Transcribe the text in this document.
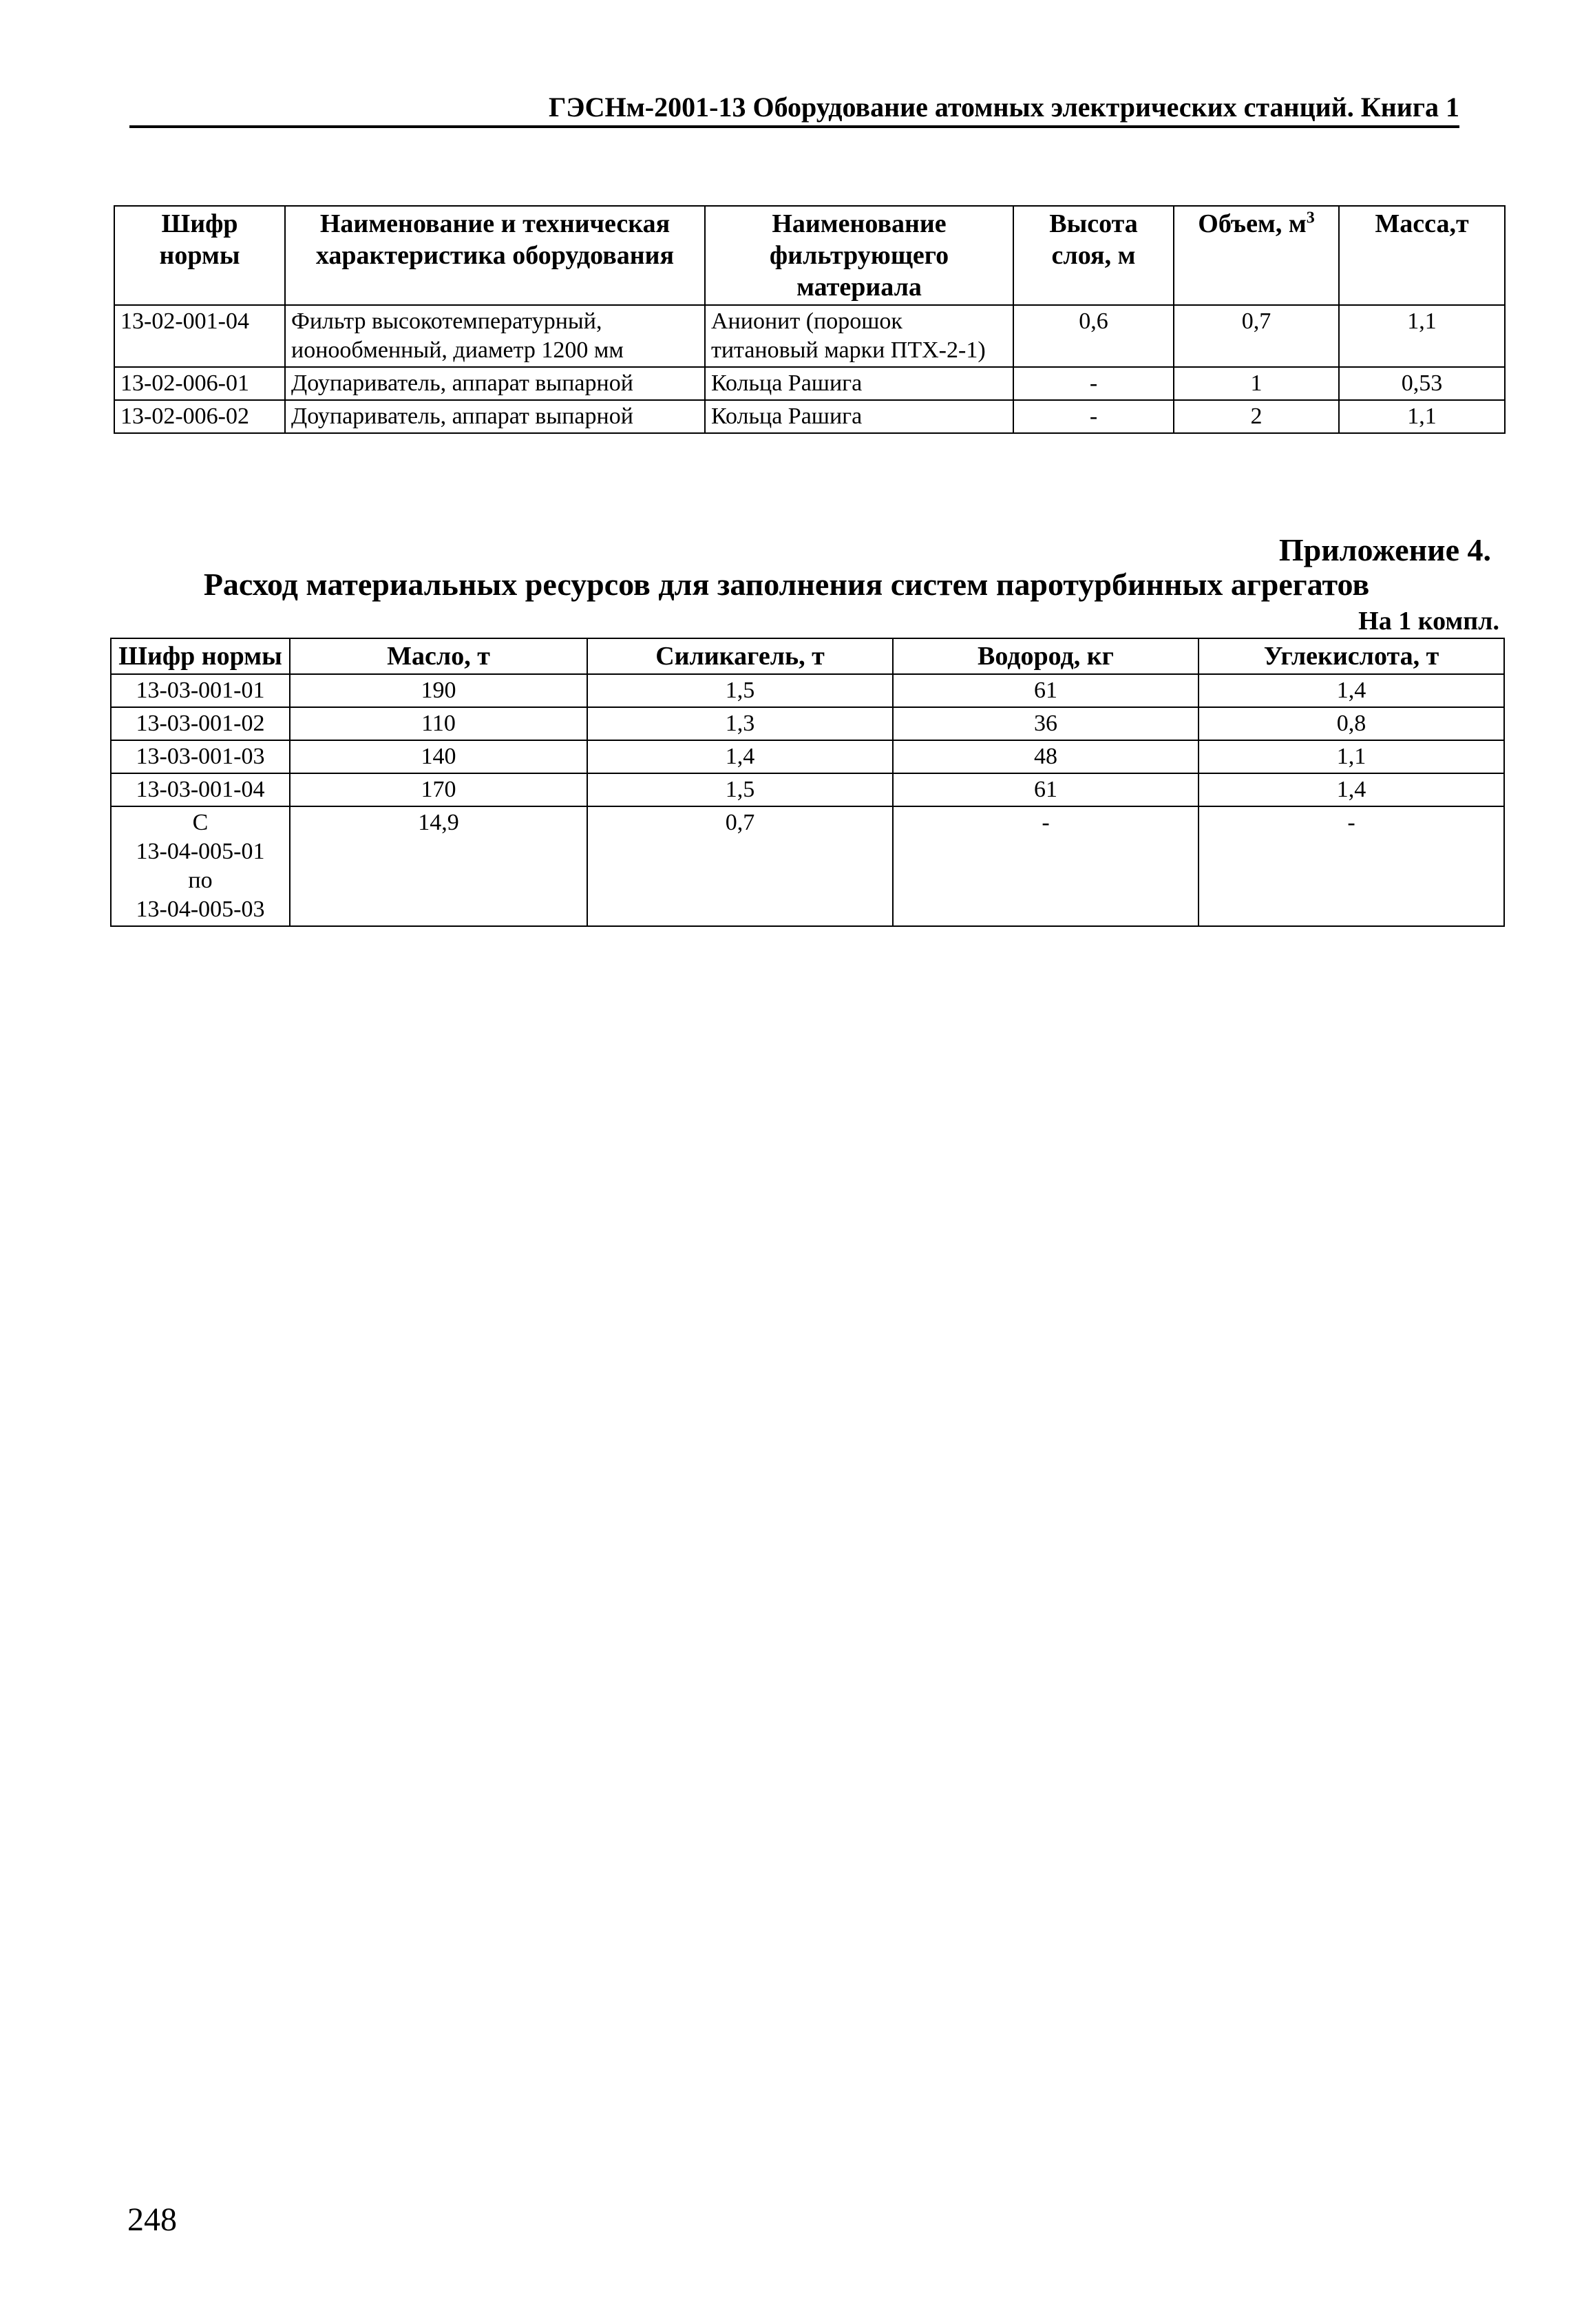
ГЭСНм-2001-13 Оборудование атомных электрических станций. Книга 1
Шифр нормы	Наименование и техническая характеристика оборудования	Наименование фильтрующего материала	Высота слоя, м	Объем, $м^3$	Масса,т
13-02-001-04	Фильтр высокотемпературный, ионообменный, диаметр 1200 мм	Анионит (порошок титановый марки ПТХ-2-1)	0,6	0,7	1,1
13-02-006-01	Доупариватель, аппарат выпарной	Кольца Рашига	-	1	0,53
13-02-006-02	Доупариватель, аппарат выпарной	Кольца Рашига	-	2	1,1
Приложение 4.
Расход материальных ресурсов для заполнения систем паротурбинных агрегатов
На 1 компл.
Шифр нормы	Масло, т	Силикагель, т	Водород, кг	Углекислота, т
13-03-001-01	190	1,5	61	1,4
13-03-001-02	110	1,3	36	0,8
13-03-001-03	140	1,4	48	1,1
13-03-001-04	170	1,5	61	1,4

С
13-04-005-01
по
13-04-005-03	14,9	0,7	-	-
248
